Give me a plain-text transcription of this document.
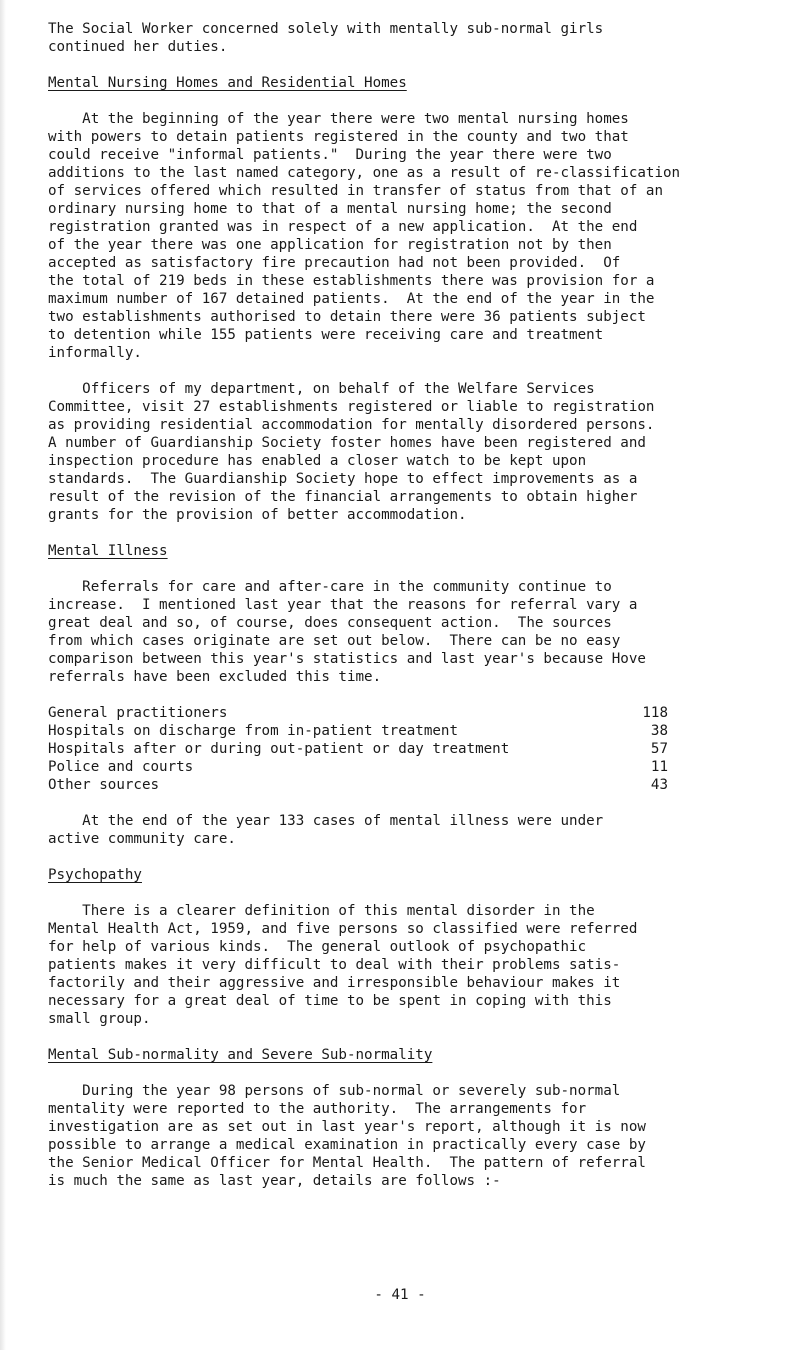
The Social Worker concerned solely with mentally sub-normal girls

continued her duties.

Mental Nursing Homes and Residential Homes

At the beginning of the year there were two mental nursing homes

with powers to detain patients registered in the county and two that

could receive "informal patients."  During the year there were two

additions to the last named category, one as a result of re-classification

of services offered which resulted in transfer of status from that of an

ordinary nursing home to that of a mental nursing home; the second

registration granted was in respect of a new application.  At the end

of the year there was one application for registration not by then

accepted as satisfactory fire precaution had not been provided.  Of

the total of 219 beds in these establishments there was provision for a

maximum number of 167 detained patients.  At the end of the year in the

two establishments authorised to detain there were 36 patients subject

to detention while 155 patients were receiving care and treatment

informally.

Officers of my department, on behalf of the Welfare Services

Committee, visit 27 establishments registered or liable to registration

as providing residential accommodation for mentally disordered persons.

A number of Guardianship Society foster homes have been registered and

inspection procedure has enabled a closer watch to be kept upon

standards.  The Guardianship Society hope to effect improvements as a

result of the revision of the financial arrangements to obtain higher

grants for the provision of better accommodation.

Mental Illness

Referrals for care and after-care in the community continue to

increase.  I mentioned last year that the reasons for referral vary a

great deal and so, of course, does consequent action.  The sources

from which cases originate are set out below.  There can be no easy

comparison between this year's statistics and last year's because Hove

referrals have been excluded this time.

General practitioners	118
Hospitals on discharge from in-patient treatment	38
Hospitals after or during out-patient or day treatment	57
Police and courts	11
Other sources	43

At the end of the year 133 cases of mental illness were under

active community care.

Psychopathy

There is a clearer definition of this mental disorder in the

Mental Health Act, 1959, and five persons so classified were referred

for help of various kinds.  The general outlook of psychopathic

patients makes it very difficult to deal with their problems satis-

factorily and their aggressive and irresponsible behaviour makes it

necessary for a great deal of time to be spent in coping with this

small group.

Mental Sub-normality and Severe Sub-normality

During the year 98 persons of sub-normal or severely sub-normal

mentality were reported to the authority.  The arrangements for

investigation are as set out in last year's report, although it is now

possible to arrange a medical examination in practically every case by

the Senior Medical Officer for Mental Health.  The pattern of referral

is much the same as last year, details are follows :-

- 41 -
